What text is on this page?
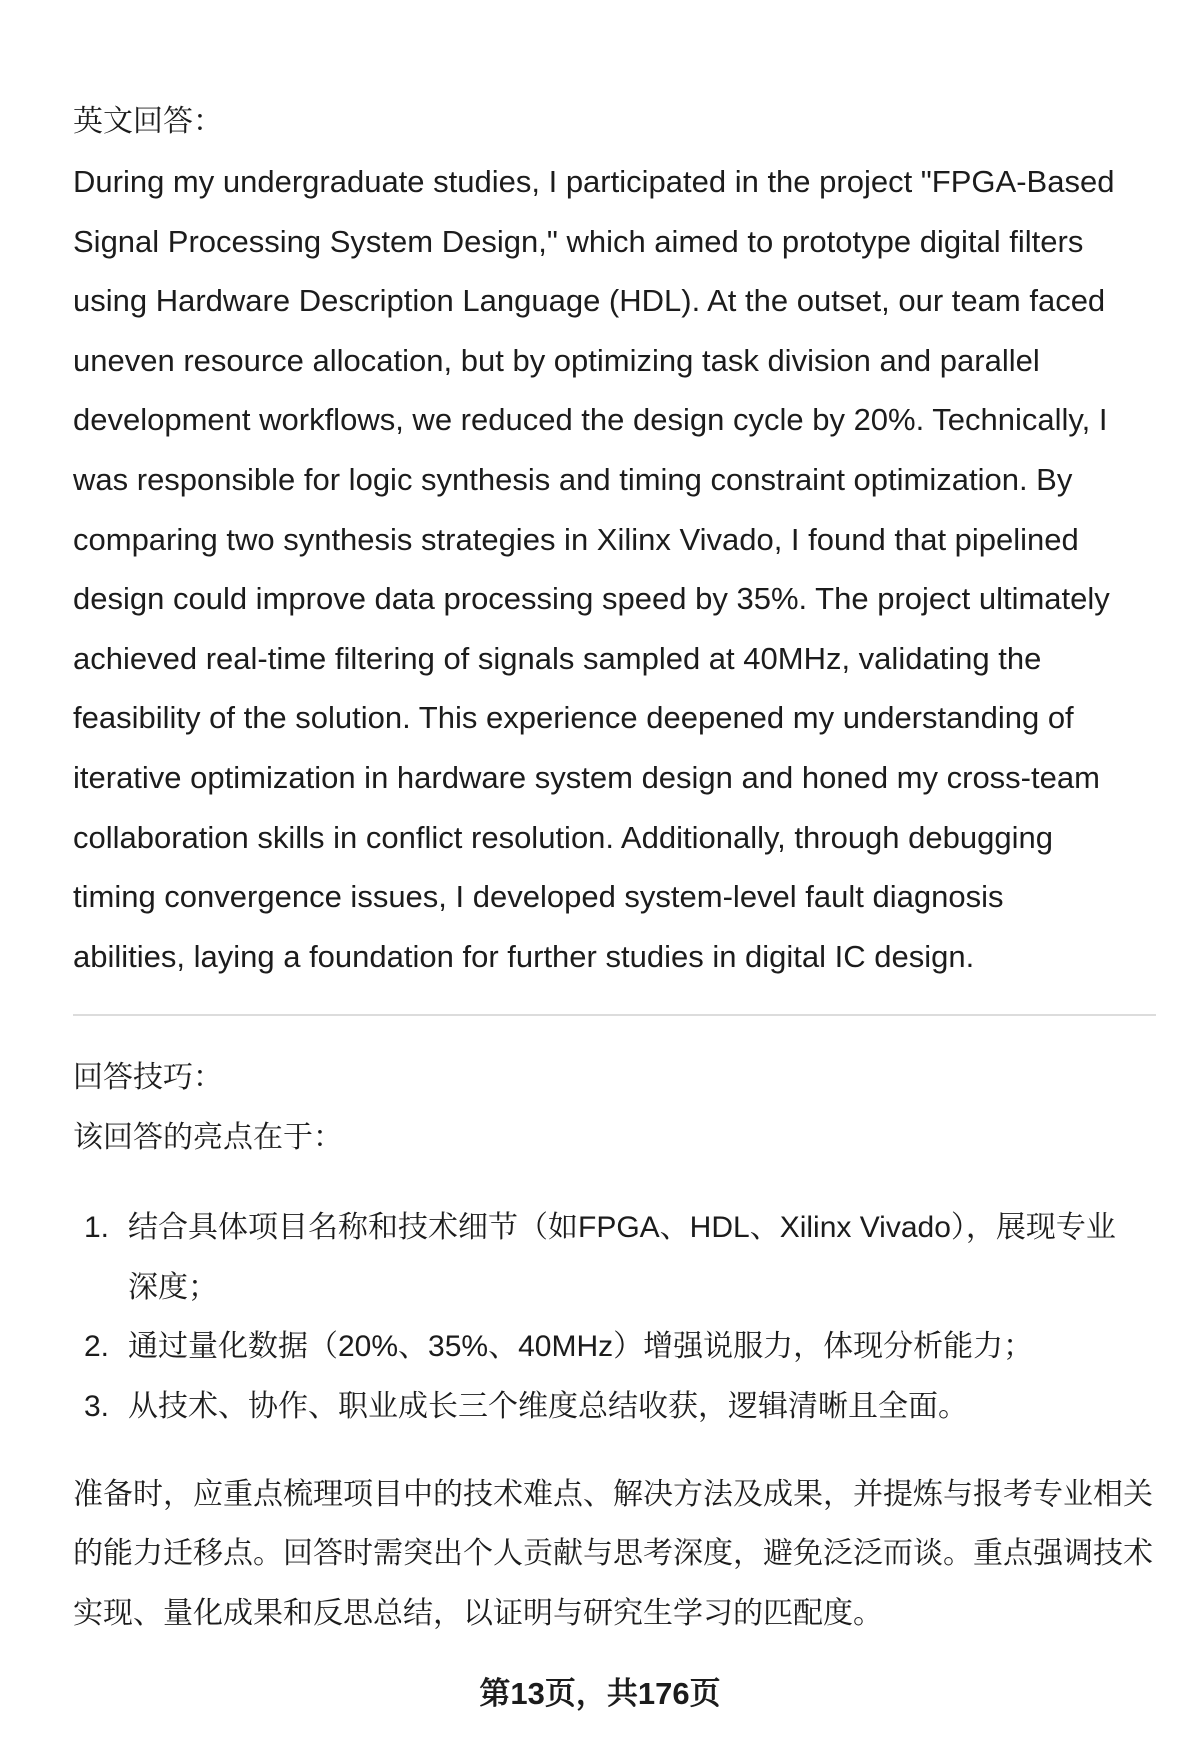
英文回答：
During my undergraduate studies, I participated in the project "FPGA-Based
Signal Processing System Design," which aimed to prototype digital filters
using Hardware Description Language (HDL). At the outset, our team faced
uneven resource allocation, but by optimizing task division and parallel
development workflows, we reduced the design cycle by 20%. Technically, I
was responsible for logic synthesis and timing constraint optimization. By
comparing two synthesis strategies in Xilinx Vivado, I found that pipelined
design could improve data processing speed by 35%. The project ultimately
achieved real-time filtering of signals sampled at 40MHz, validating the
feasibility of the solution. This experience deepened my understanding of
iterative optimization in hardware system design and honed my cross-team
collaboration skills in conflict resolution. Additionally, through debugging
timing convergence issues, I developed system-level fault diagnosis
abilities, laying a foundation for further studies in digital IC design.
回答技巧：
该回答的亮点在于：
1. 结合具体项目名称和技术细节（如FPGA、HDL、Xilinx Vivado），展现专业
深度；
2. 通过量化数据（20%、35%、40MHz）增强说服力，体现分析能力；
3. 从技术、协作、职业成长三个维度总结收获，逻辑清晰且全面。
准备时，应重点梳理项目中的技术难点、解决方法及成果，并提炼与报考专业相关
的能力迁移点。回答时需突出个人贡献与思考深度，避免泛泛而谈。重点强调技术
实现、量化成果和反思总结，以证明与研究生学习的匹配度。
第13页，共176页
